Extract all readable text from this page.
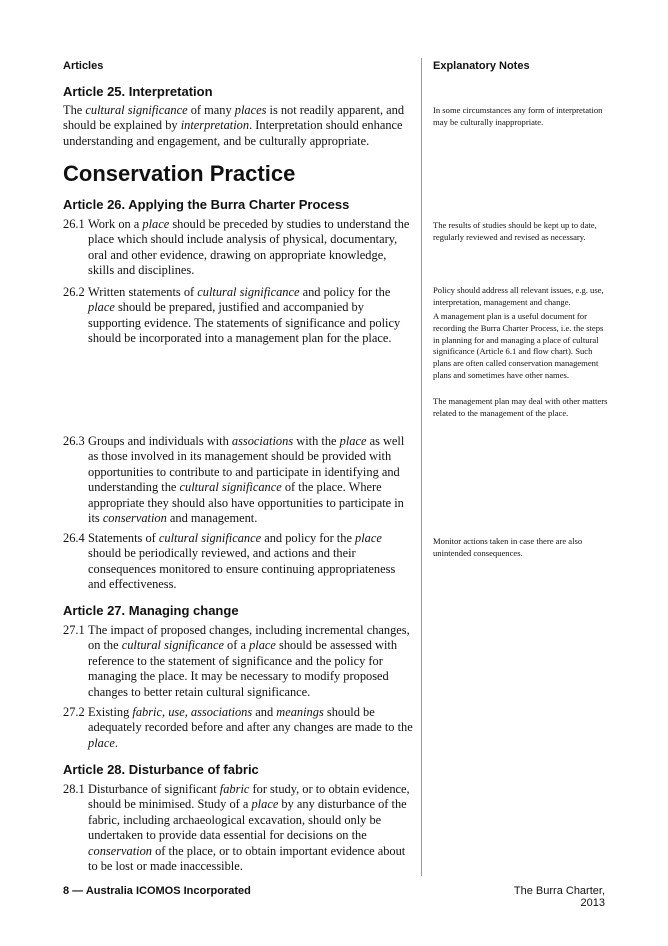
Articles	Explanatory Notes
Article 25. Interpretation

The cultural significance of many places is not readily apparent, and should be explained by interpretation. Interpretation should enhance understanding and engagement, and be culturally appropriate.

In some circumstances any form of interpretation may be culturally inappropriate.
Conservation Practice
Article 26. Applying the Burra Charter Process
26.1 Work on a place should be preceded by studies to understand the place which should include analysis of physical, documentary, oral and other evidence, drawing on appropriate knowledge, skills and disciplines.

The results of studies should be kept up to date, regularly reviewed and revised as necessary.
26.2 Written statements of cultural significance and policy for the place should be prepared, justified and accompanied by supporting evidence. The statements of significance and policy should be incorporated into a management plan for the place.

Policy should address all relevant issues, e.g. use, interpretation, management and change.
A management plan is a useful document for recording the Burra Charter Process, i.e. the steps in planning for and managing a place of cultural significance (Article 6.1 and flow chart). Such plans are often called conservation management plans and sometimes have other names.
The management plan may deal with other matters related to the management of the place.
26.3 Groups and individuals with associations with the place as well as those involved in its management should be provided with opportunities to contribute to and participate in identifying and understanding the cultural significance of the place. Where appropriate they should also have opportunities to participate in its conservation and management.

26.4 Statements of cultural significance and policy for the place should be periodically reviewed, and actions and their consequences monitored to ensure continuing appropriateness and effectiveness.

Monitor actions taken in case there are also unintended consequences.
Article 27. Managing change
27.1 The impact of proposed changes, including incremental changes, on the cultural significance of a place should be assessed with reference to the statement of significance and the policy for managing the place. It may be necessary to modify proposed changes to better retain cultural significance.

27.2 Existing fabric, use, associations and meanings should be adequately recorded before and after any changes are made to the place.

Article 28. Disturbance of fabric
28.1 Disturbance of significant fabric for study, or to obtain evidence, should be minimised. Study of a place by any disturbance of the fabric, including archaeological excavation, should only be undertaken to provide data essential for decisions on the conservation of the place, or to obtain important evidence about to be lost or made inaccessible.

8 — Australia ICOMOS Incorporated	The Burra Charter, 2013
